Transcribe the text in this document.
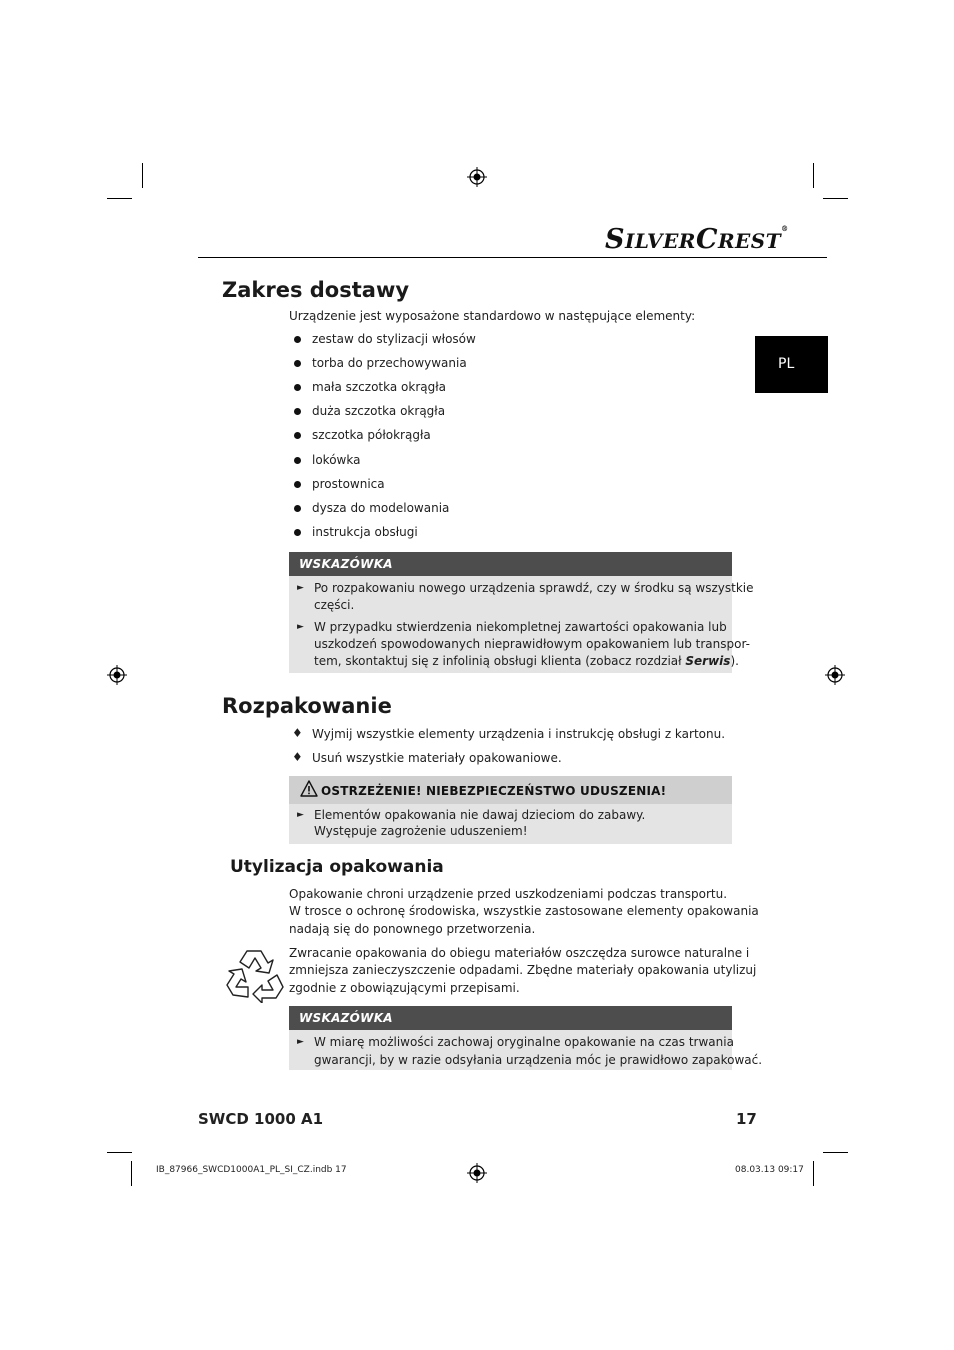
SILVERCREST®
PL
Zakres dostawy
Urządzenie jest wyposażone standardowo w następujące elementy:
zestaw do stylizacji włosów
torba do przechowywania
mała szczotka okrągła
duża szczotka okrągła
szczotka półokrągła
lokówka
prostownica
dysza do modelowania
instrukcja obsługi
WSKAZÓWKA
► Po rozpakowaniu nowego urządzenia sprawdź, czy w środku są wszystkie
części.
► W przypadku stwierdzenia niekompletnej zawartości opakowania lub
uszkodzeń spowodowanych nieprawidłowym opakowaniem lub transpor-
tem, skontaktuj się z infolinią obsługi klienta (zobacz rozdział Serwis).
Rozpakowanie
♦ Wyjmij wszystkie elementy urządzenia i instrukcję obsługi z kartonu.
♦ Usuń wszystkie materiały opakowaniowe.
OSTRZEŻENIE! NIEBEZPIECZEŃSTWO UDUSZENIA!
► Elementów opakowania nie dawaj dzieciom do zabawy.
Występuje zagrożenie uduszeniem!
Utylizacja opakowania
Opakowanie chroni urządzenie przed uszkodzeniami podczas transportu.
W trosce o ochronę środowiska, wszystkie zastosowane elementy opakowania
nadają się do ponownego przetworzenia.
Zwracanie opakowania do obiegu materiałów oszczędza surowce naturalne i
zmniejsza zanieczyszczenie odpadami. Zbędne materiały opakowania utylizuj
zgodnie z obowiązującymi przepisami.
WSKAZÓWKA
► W miarę możliwości zachowaj oryginalne opakowanie na czas trwania
gwarancji, by w razie odsyłania urządzenia móc je prawidłowo zapakować.
SWCD 1000 A1	17
IB_87966_SWCD1000A1_PL_SI_CZ.indb 17	08.03.13 09:17
